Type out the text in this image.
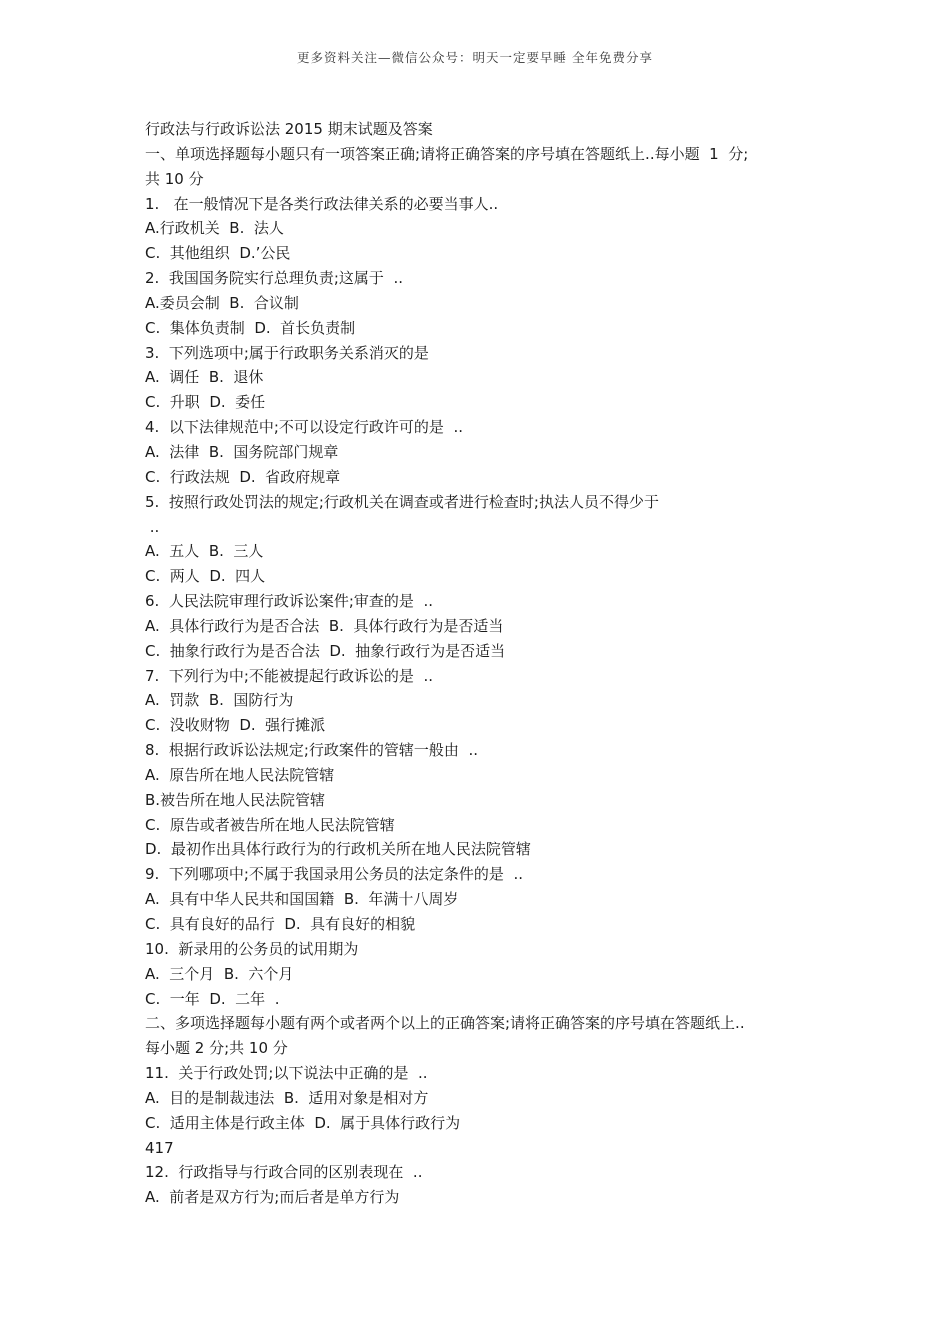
更多资料关注—微信公众号：明天一定要早睡 全年免费分享
行政法与行政诉讼法 2015 期末试题及答案
一、单项选择题每小题只有一项答案正确;请将正确答案的序号填在答题纸上..每小题  1  分;
共 10 分
1.   在一般情况下是各类行政法律关系的必要当事人..
A.行政机关  B.  法人
C.  其他组织  D.’公民
2.  我国国务院实行总理负责;这属于  ..
A.委员会制  B.  合议制
C.  集体负责制  D.  首长负责制
3.  下列选项中;属于行政职务关系消灭的是
A.  调任  B.  退休
C.  升职  D.  委任
4.  以下法律规范中;不可以设定行政许可的是  ..
A.  法律  B.  国务院部门规章
C.  行政法规  D.  省政府规章
5.  按照行政处罚法的规定;行政机关在调查或者进行检查时;执法人员不得少于
..
A.  五人  B.  三人
C.  两人  D.  四人
6.  人民法院审理行政诉讼案件;审查的是  ..
A.  具体行政行为是否合法  B.  具体行政行为是否适当
C.  抽象行政行为是否合法  D.  抽象行政行为是否适当
7.  下列行为中;不能被提起行政诉讼的是  ..
A.  罚款  B.  国防行为
C.  没收财物  D.  强行摊派
8.  根据行政诉讼法规定;行政案件的管辖一般由  ..
A.  原告所在地人民法院管辖
B.被告所在地人民法院管辖
C.  原告或者被告所在地人民法院管辖
D.  最初作出具体行政行为的行政机关所在地人民法院管辖
9.  下列哪项中;不属于我国录用公务员的法定条件的是  ..
A.  具有中华人民共和国国籍  B.  年满十八周岁
C.  具有良好的品行  D.  具有良好的相貌
10.  新录用的公务员的试用期为
A.  三个月  B.  六个月
C.  一年  D.  二年  .
二、多项选择题每小题有两个或者两个以上的正确答案;请将正确答案的序号填在答题纸上..
每小题 2 分;共 10 分
11.  关于行政处罚;以下说法中正确的是  ..
A.  目的是制裁违法  B.  适用对象是相对方
C.  适用主体是行政主体  D.  属于具体行政行为
417
12.  行政指导与行政合同的区别表现在  ..
A.  前者是双方行为;而后者是单方行为
